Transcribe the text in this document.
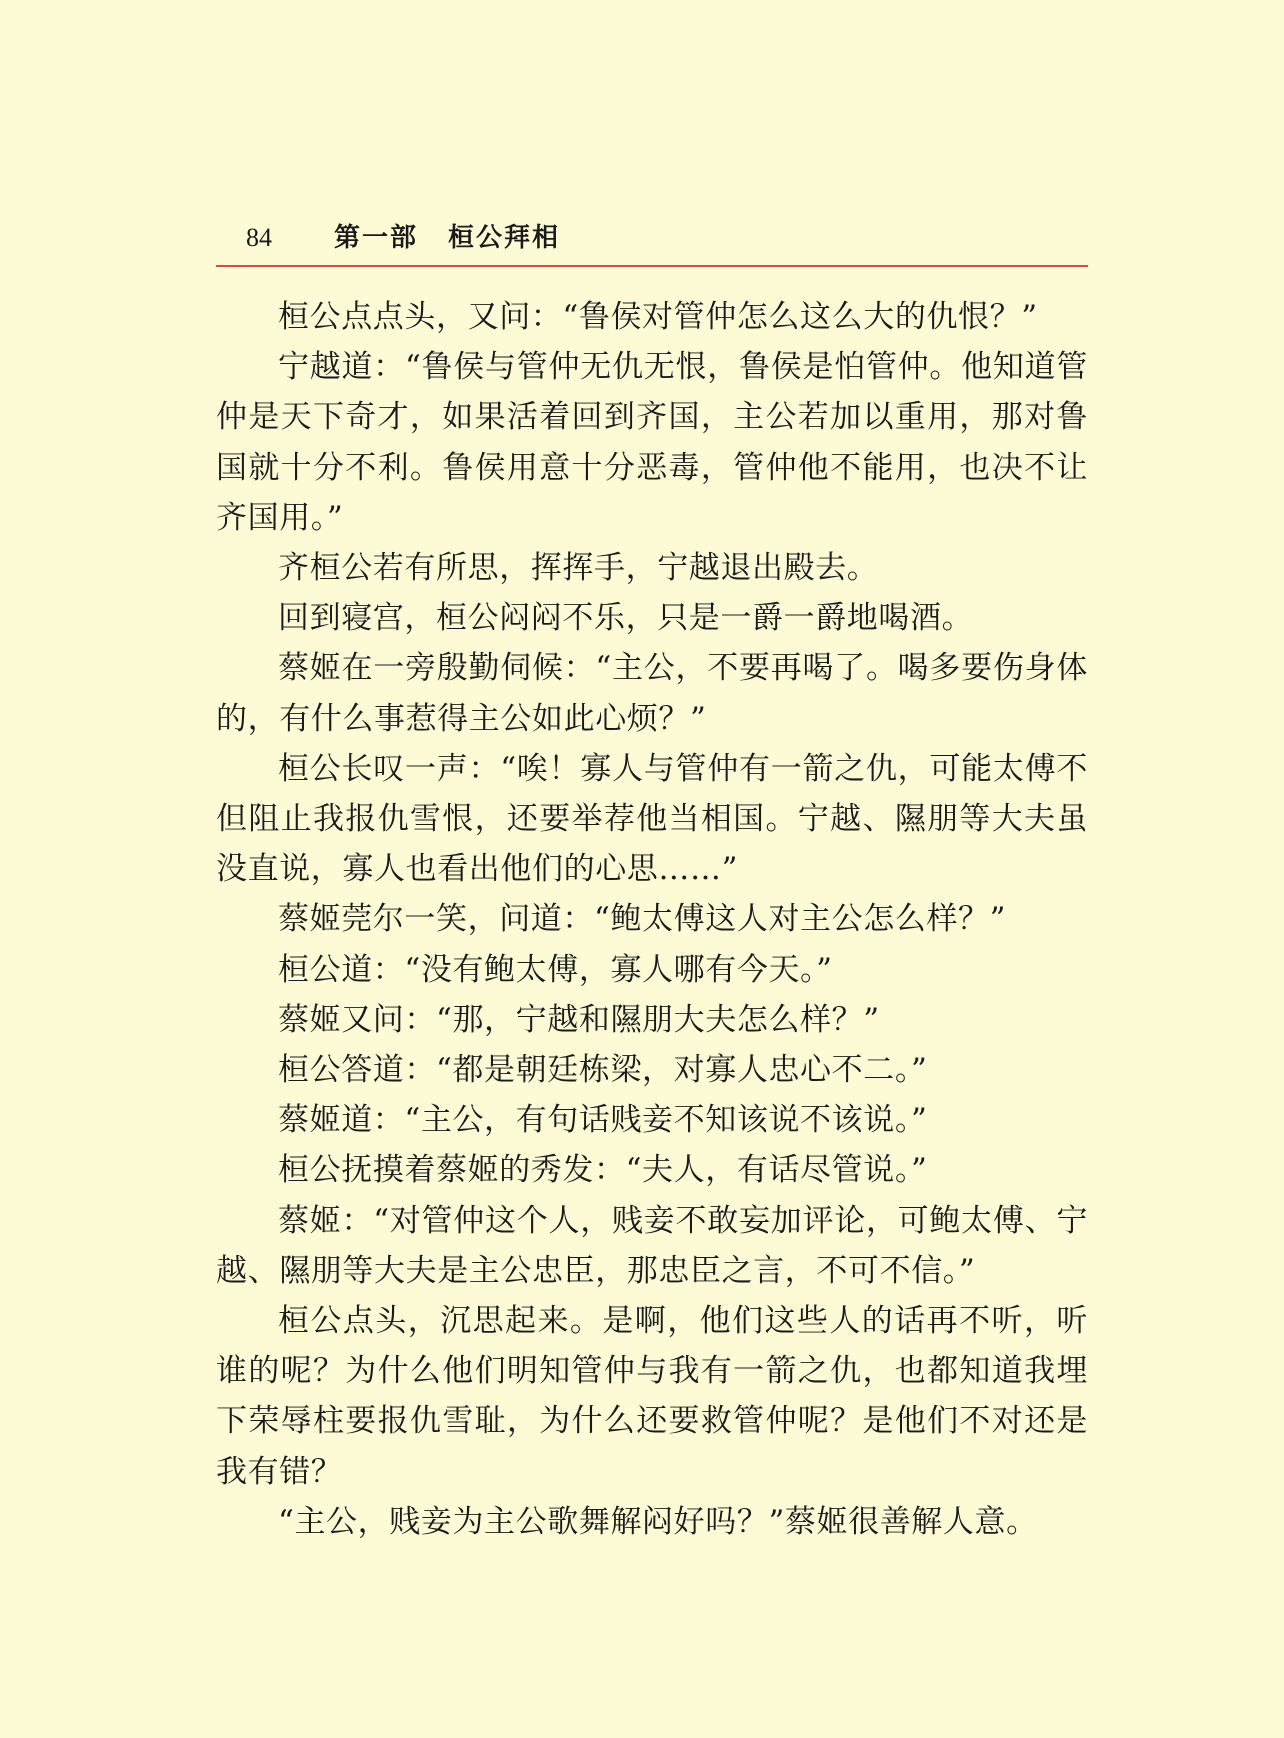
84 第一部 桓公拜相

桓公点点头，又问：“鲁侯对管仲怎么这么大的仇恨？”

宁越道：“鲁侯与管仲无仇无恨，鲁侯是怕管仲。他知道管仲是天下奇才，如果活着回到齐国，主公若加以重用，那对鲁国就十分不利。鲁侯用意十分恶毒，管仲他不能用，也决不让齐国用。”

齐桓公若有所思，挥挥手，宁越退出殿去。

回到寝宫，桓公闷闷不乐，只是一爵一爵地喝酒。

蔡姬在一旁殷勤伺候：“主公，不要再喝了。喝多要伤身体的，有什么事惹得主公如此心烦？”

桓公长叹一声：“唉！寡人与管仲有一箭之仇，可能太傅不但阻止我报仇雪恨，还要举荐他当相国。宁越、隰朋等大夫虽没直说，寡人也看出他们的心思……”

蔡姬莞尔一笑，问道：“鲍太傅这人对主公怎么样？”

桓公道：“没有鲍太傅，寡人哪有今天。”

蔡姬又问：“那，宁越和隰朋大夫怎么样？”

桓公答道：“都是朝廷栋梁，对寡人忠心不二。”

蔡姬道：“主公，有句话贱妾不知该说不该说。”

桓公抚摸着蔡姬的秀发：“夫人，有话尽管说。”

蔡姬：“对管仲这个人，贱妾不敢妄加评论，可鲍太傅、宁越、隰朋等大夫是主公忠臣，那忠臣之言，不可不信。”

桓公点头，沉思起来。是啊，他们这些人的话再不听，听谁的呢？为什么他们明知管仲与我有一箭之仇，也都知道我埋下荣辱柱要报仇雪耻，为什么还要救管仲呢？是他们不对还是我有错？

“主公，贱妾为主公歌舞解闷好吗？”蔡姬很善解人意。
